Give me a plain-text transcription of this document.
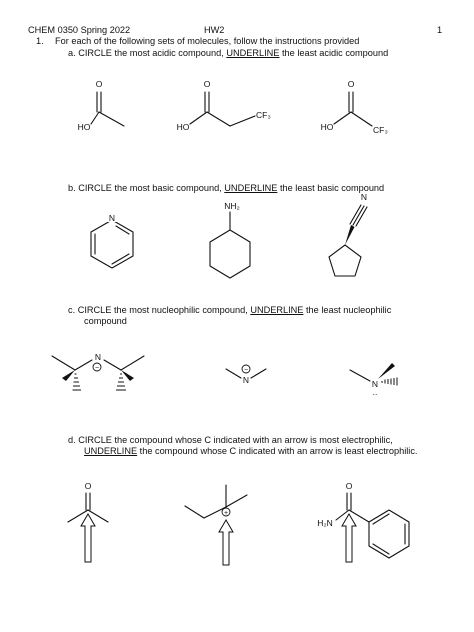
CHEM 0350 Spring 2022	HW2	1
1. For each of the following sets of molecules, follow the instructions provided
a. CIRCLE the most acidic compound, UNDERLINE the least acidic compound
b. CIRCLE the most basic compound, UNDERLINE the least basic compound
c. CIRCLE the most nucleophilic compound, UNDERLINE the least nucleophilic
compound
d. CIRCLE the compound whose C indicated with an arrow is most electrophilic,
UNDERLINE the compound whose C indicated with an arrow is least electrophilic.
HO
O
HO
O
CF₃
HO
O
CF₃
N
NH₂
N
N
−	−
N	N
..
O
+
O
H₂N
